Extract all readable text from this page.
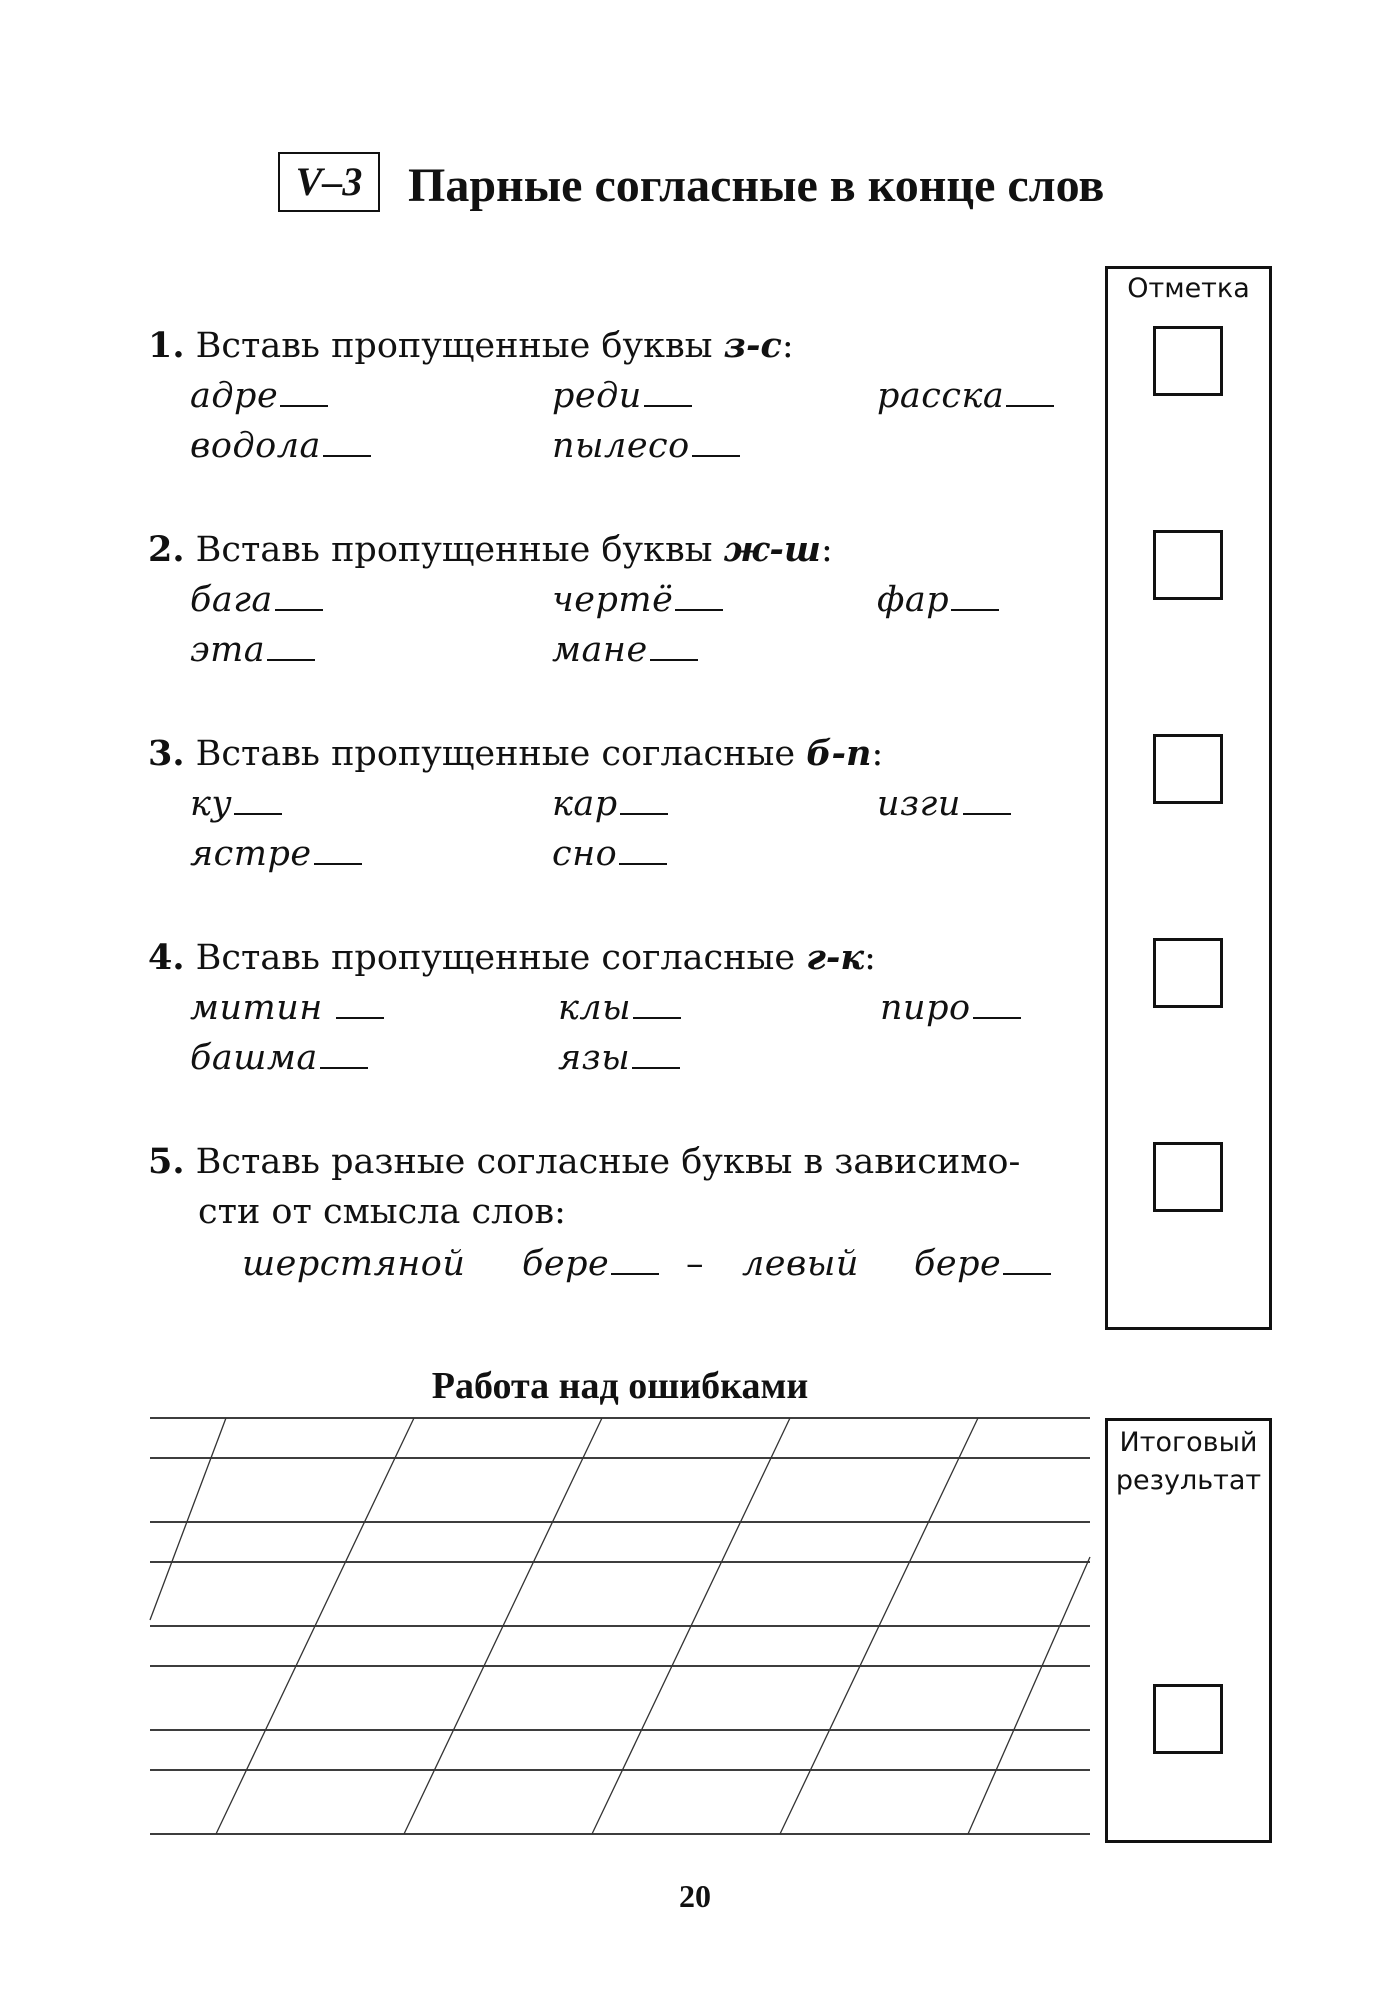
V–3 Парные согласные в конце слов
Отметка
1. Вставь пропущенные буквы з-с:
адре	реди	расска
водола	пылесо
2. Вставь пропущенные буквы ж-ш:
бага	чертё	фар
эта	мане
3. Вставь пропущенные согласные б-п:
ку	кар	изги
ястре	сно
4. Вставь пропущенные согласные г-к:
митин	клы	пиро
башма	язы
5. Вставь разные согласные буквы в зависимо-
сти от смысла слов:
шерстяной бере	– левый бере
Работа над ошибками
Итоговый
результат
20
